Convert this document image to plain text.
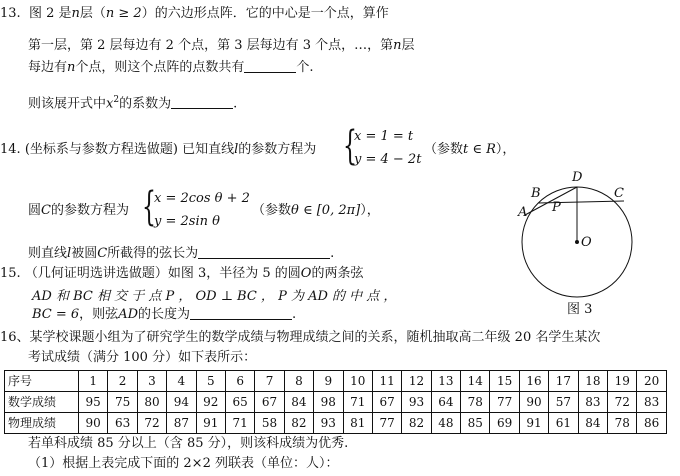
13. 图 2 是n层（n ≥ 2）的六边形点阵．它的中心是一个点，算作
第一层，第 2 层每边有 2 个点，第 3 层每边有 3 个点，…，第n层
每边有n个点，则这个点阵的点数共有	个.
则该展开式中$x^2$的系数为	.
14. (坐标系与参数方程选做题) 已知直线l的参数方程为 {
x = 1 = t
y = 4 − 2t
（参数t ∈ R），
圆C的参数方程为 {
x = 2cos θ + 2
y = 2sin θ
（参数θ ∈ [0, 2π]），
则直线l被圆C所截得的弦长为	.
15. （几何证明选讲选做题）如图 3，半径为 5 的圆O的两条弦
AD 和 BC 相 交 于 点 P ， OD ⊥ BC ， P 为 AD 的 中 点 ，
BC = 6，则弦AD的长度为	.
D
B	C
A P
O
图 3
16、某学校课题小组为了研究学生的数学成绩与物理成绩之间的关系，随机抽取高二年级 20 名学生某次
考试成绩（满分 100 分）如下表所示：
序号	1	2	3	4	5	6	7	8	9	10	11	12	13	14	15	16	17	18	19	20
数学成绩	95	75	80	94	92	65	67	84	98	71	67	93	64	78	77	90	57	83	72	83
物理成绩	90	63	72	87	91	71	58	82	93	81	77	82	48	85	69	91	61	84	78	86
若单科成绩 85 分以上（含 85 分），则该科成绩为优秀.
（1）根据上表完成下面的 2×2 列联表（单位：人）：
